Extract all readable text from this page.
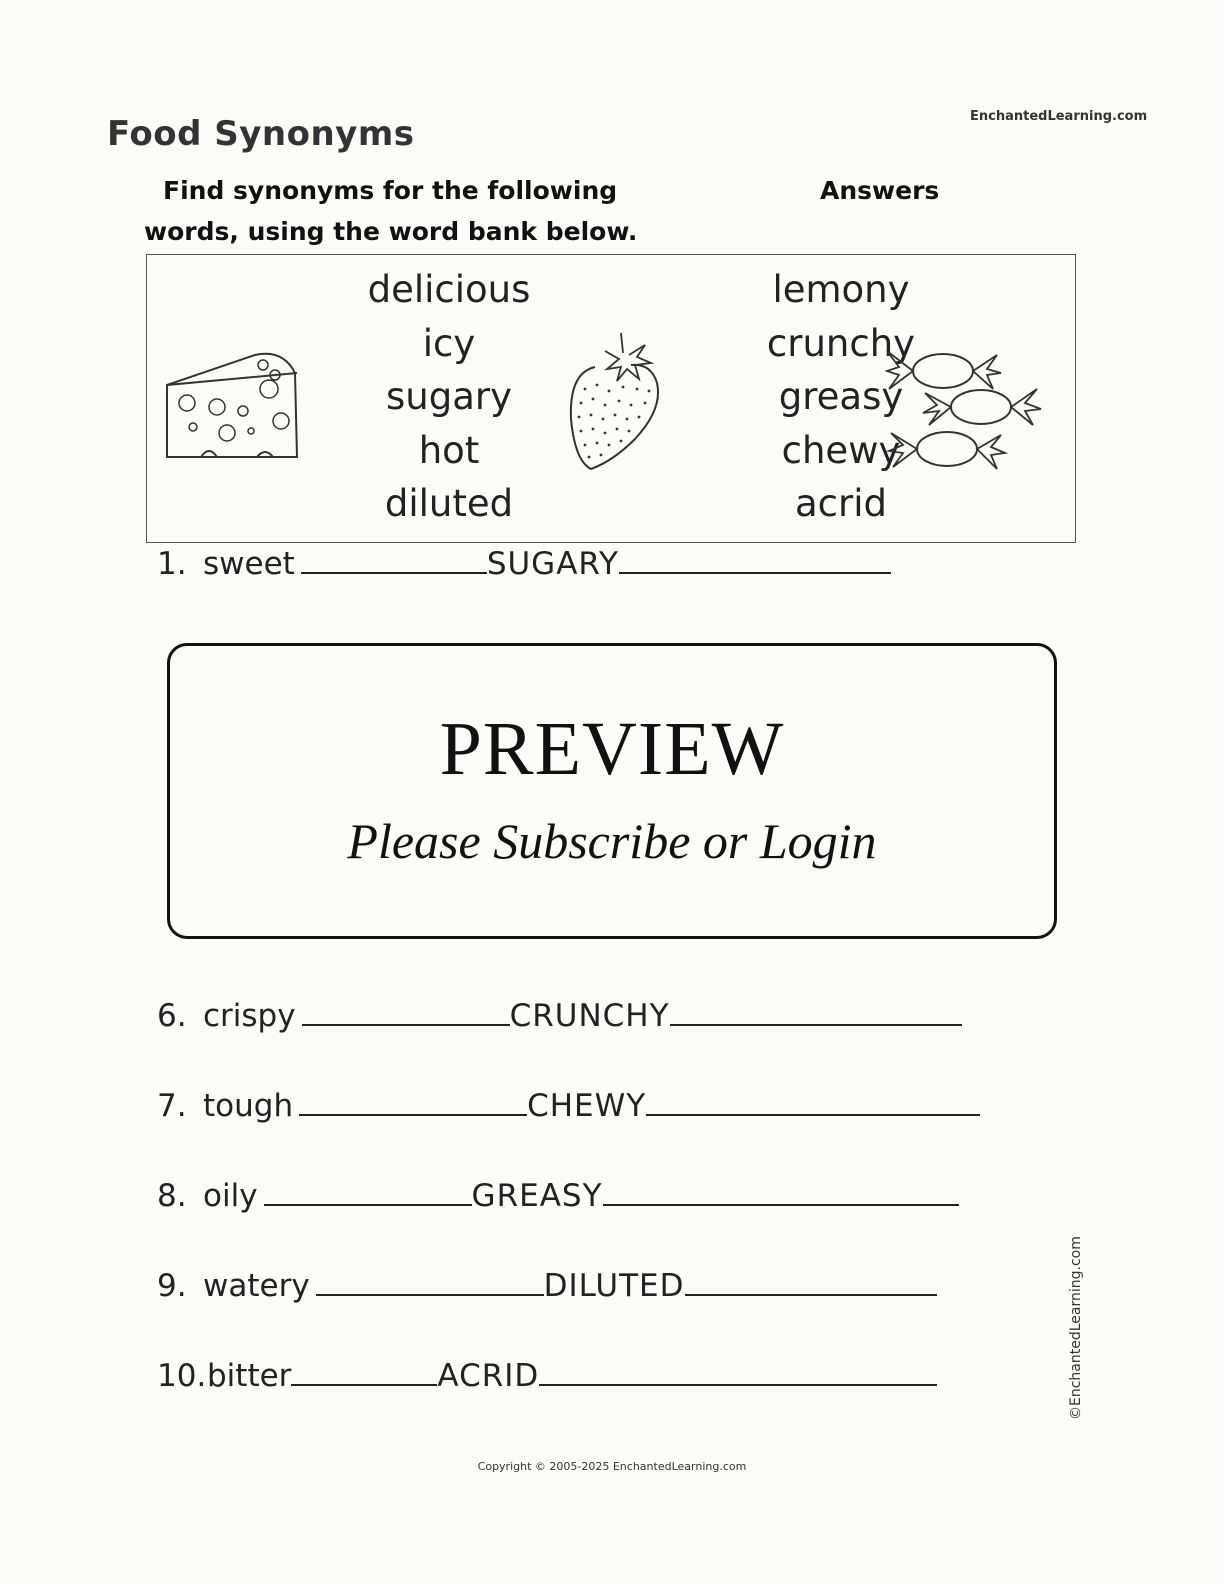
Food Synonyms	EnchantedLearning.com
Find synonyms for the following
words, using the word bank below.
Answers
delicious
icy
sugary
hot
diluted
lemony
crunchy
greasy
chewy
acrid
1. sweet	SUGARY
6. crispy	CRUNCHY
7. tough	CHEWY
8. oily	GREASY
9. watery	DILUTED
10.bitter	ACRID
PREVIEW
Please Subscribe or Login
©EnchantedLearning.com
Copyright © 2005-2025 EnchantedLearning.com
